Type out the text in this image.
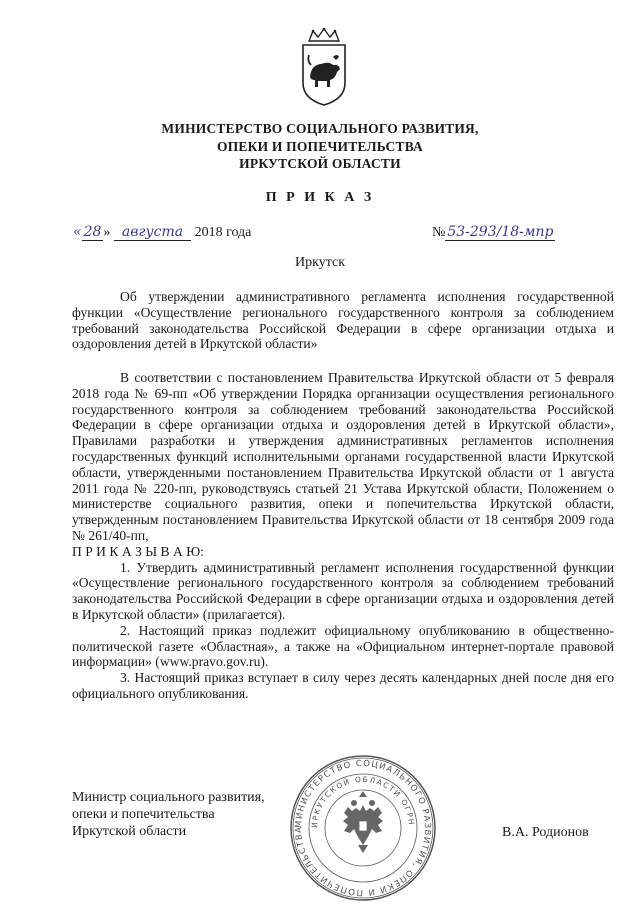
МИНИСТЕРСТВО СОЦИАЛЬНОГО РАЗВИТИЯ,
ОПЕКИ И ПОПЕЧИТЕЛЬСТВА
ИРКУТСКОЙ ОБЛАСТИ
П Р И К А З
« 28 » августа 2018 года	№ 53-293/18-мпр
Иркутск

Об утверждении административного регламента исполнения государственной функции «Осуществление регионального государственного контроля за соблюдением требований законодательства Российской Федерации в сфере организации отдыха и оздоровления детей в Иркутской области»

В соответствии с постановлением Правительства Иркутской области от 5 февраля 2018 года № 69-пп «Об утверждении Порядка организации осуществления регионального государственного контроля за соблюдением требований законодательства Российской Федерации в сфере организации отдыха и оздоровления детей в Иркутской области», Правилами разработки и утверждения административных регламентов исполнения государственных функций исполнительными органами государственной власти Иркутской области, утвержденными постановлением Правительства Иркутской области от 1 августа 2011 года № 220-пп, руководствуясь статьей 21 Устава Иркутской области, Положением о министерстве социального развития, опеки и попечительства Иркутской области, утвержденным постановлением Правительства Иркутской области от 18 сентября 2009 года № 261/40-пп,

П Р И К А З Ы В А Ю:

1. Утвердить административный регламент исполнения государственной функции «Осуществление регионального государственного контроля за соблюдением требований законодательства Российской Федерации в сфере организации отдыха и оздоровления детей в Иркутской области» (прилагается).

2. Настоящий приказ подлежит официальному опубликованию в общественно-политической газете «Областная», а также на «Официальном интернет-портале правовой информации» (www.pravo.gov.ru).

3. Настоящий приказ вступает в силу через десять календарных дней после дня его официального опубликования.

Министр социального развития,
опеки и попечительства
Иркутской области	В.А. Родионов
МИНИСТЕРСТВО СОЦИАЛЬНОГО РАЗВИТИЯ, ОПЕКИ И ПОПЕЧИТЕЛЬСТВА
ИРКУТСКОЙ ОБЛАСТИ ОГРН
